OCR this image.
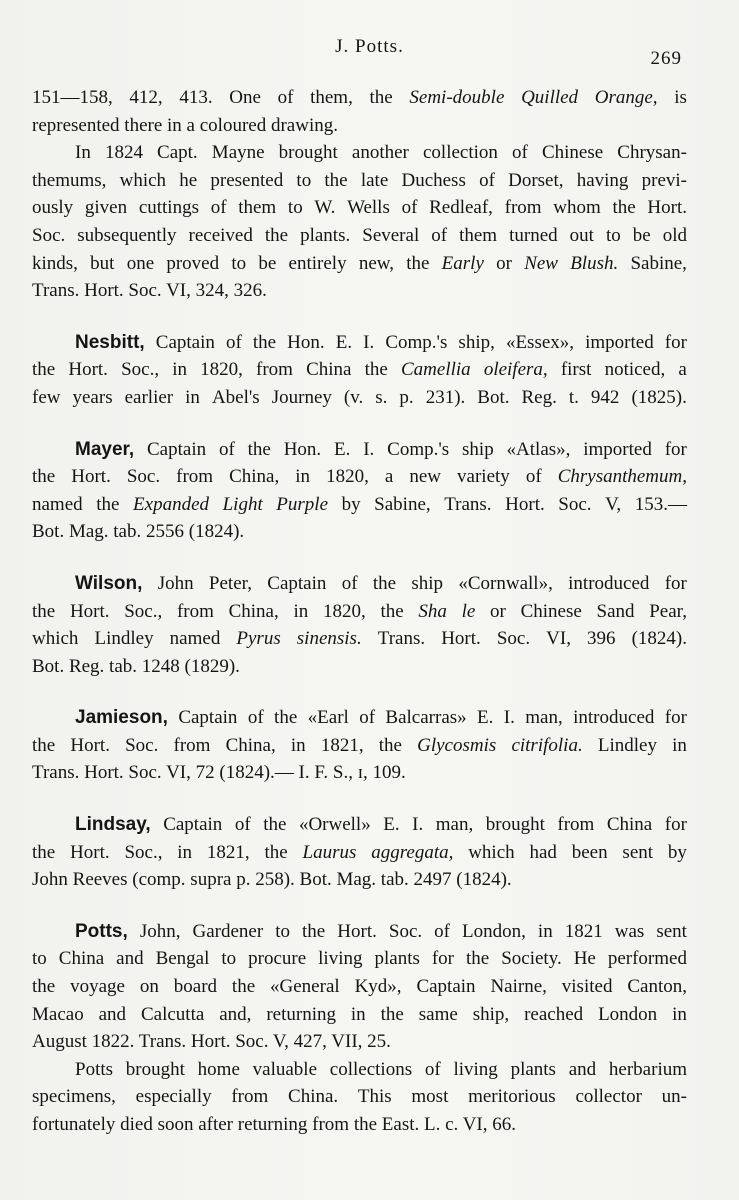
J. Potts.
269
151—158, 412, 413. One of them, the Semi-double Quilled Orange, is
represented there in a coloured drawing.
In 1824 Capt. Mayne brought another collection of Chinese Chrysan-
themums, which he presented to the late Duchess of Dorset, having previ-
ously given cuttings of them to W. Wells of Redleaf, from whom the Hort.
Soc. subsequently received the plants. Several of them turned out to be old
kinds, but one proved to be entirely new, the Early or New Blush. Sabine,
Trans. Hort. Soc. VI, 324, 326.
Nesbitt, Captain of the Hon. E. I. Comp.'s ship, «Essex», imported for
the Hort. Soc., in 1820, from China the Camellia oleifera, first noticed, a
few years earlier in Abel's Journey (v. s. p. 231). Bot. Reg. t. 942 (1825).
Mayer, Captain of the Hon. E. I. Comp.'s ship «Atlas», imported for
the Hort. Soc. from China, in 1820, a new variety of Chrysanthemum,
named the Expanded Light Purple by Sabine, Trans. Hort. Soc. V, 153.—
Bot. Mag. tab. 2556 (1824).
Wilson, John Peter, Captain of the ship «Cornwall», introduced for
the Hort. Soc., from China, in 1820, the Sha le or Chinese Sand Pear,
which Lindley named Pyrus sinensis. Trans. Hort. Soc. VI, 396 (1824).
Bot. Reg. tab. 1248 (1829).
Jamieson, Captain of the «Earl of Balcarras» E. I. man, introduced for
the Hort. Soc. from China, in 1821, the Glycosmis citrifolia. Lindley in
Trans. Hort. Soc. VI, 72 (1824).— I. F. S., ɪ, 109.
Lindsay, Captain of the «Orwell» E. I. man, brought from China for
the Hort. Soc., in 1821, the Laurus aggregata, which had been sent by
John Reeves (comp. supra p. 258). Bot. Mag. tab. 2497 (1824).
Potts, John, Gardener to the Hort. Soc. of London, in 1821 was sent
to China and Bengal to procure living plants for the Society. He performed
the voyage on board the «General Kyd», Captain Nairne, visited Canton,
Macao and Calcutta and, returning in the same ship, reached London in
August 1822. Trans. Hort. Soc. V, 427, VII, 25.
Potts brought home valuable collections of living plants and herbarium
specimens, especially from China. This most meritorious collector un-
fortunately died soon after returning from the East. L. c. VI, 66.
